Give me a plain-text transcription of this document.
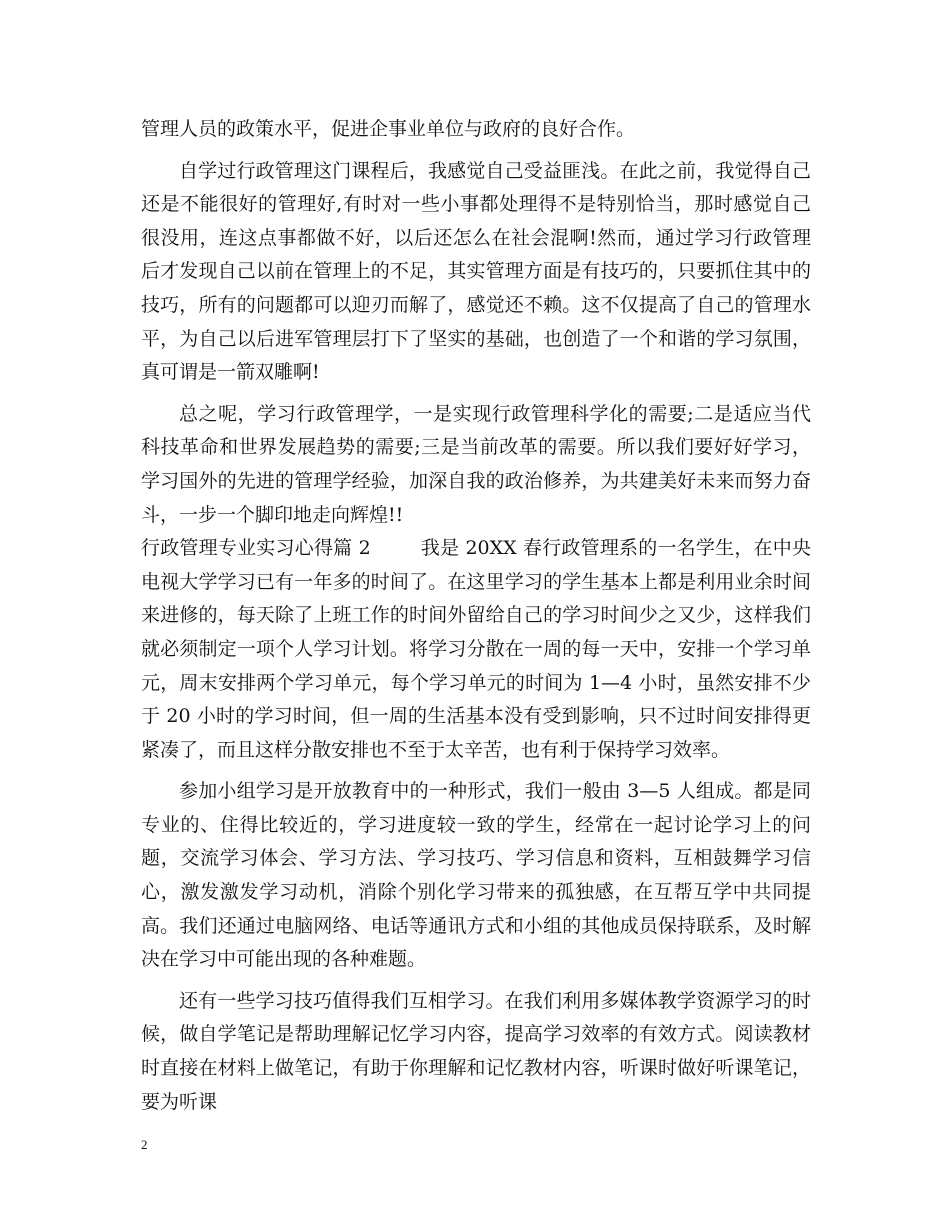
管理人员的政策水平，促进企事业单位与政府的良好合作。

自学过行政管理这门课程后，我感觉自己受益匪浅。在此之前，我觉得自己还是不能很好的管理好,有时对一些小事都处理得不是特别恰当，那时感觉自己很没用，连这点事都做不好，以后还怎么在社会混啊!然而，通过学习行政管理后才发现自己以前在管理上的不足，其实管理方面是有技巧的，只要抓住其中的技巧，所有的问题都可以迎刃而解了，感觉还不赖。这不仅提高了自己的管理水平，为自己以后进军管理层打下了坚实的基础，也创造了一个和谐的学习氛围，真可谓是一箭双雕啊!

总之呢，学习行政管理学，一是实现行政管理科学化的需要;二是适应当代科技革命和世界发展趋势的需要;三是当前改革的需要。所以我们要好好学习，学习国外的先进的管理学经验，加深自我的政治修养，为共建美好未来而努力奋斗，一步一个脚印地走向辉煌!!

行政管理专业实习心得篇 2	我是 20XX 春行政管理系的一名学生，在中央电视大学学习已有一年多的时间了。在这里学习的学生基本上都是利用业余时间来进修的，每天除了上班工作的时间外留给自己的学习时间少之又少，这样我们就必须制定一项个人学习计划。将学习分散在一周的每一天中，安排一个学习单元，周末安排两个学习单元，每个学习单元的时间为 1—4 小时，虽然安排不少于 20 小时的学习时间，但一周的生活基本没有受到影响，只不过时间安排得更紧凑了，而且这样分散安排也不至于太辛苦，也有利于保持学习效率。

参加小组学习是开放教育中的一种形式，我们一般由 3—5 人组成。都是同专业的、住得比较近的，学习进度较一致的学生，经常在一起讨论学习上的问题，交流学习体会、学习方法、学习技巧、学习信息和资料，互相鼓舞学习信心，激发激发学习动机，消除个别化学习带来的孤独感，在互帮互学中共同提高。我们还通过电脑网络、电话等通讯方式和小组的其他成员保持联系，及时解决在学习中可能出现的各种难题。

还有一些学习技巧值得我们互相学习。在我们利用多媒体教学资源学习的时候，做自学笔记是帮助理解记忆学习内容，提高学习效率的有效方式。阅读教材时直接在材料上做笔记，有助于你理解和记忆教材内容，听课时做好听课笔记，要为听课

2
